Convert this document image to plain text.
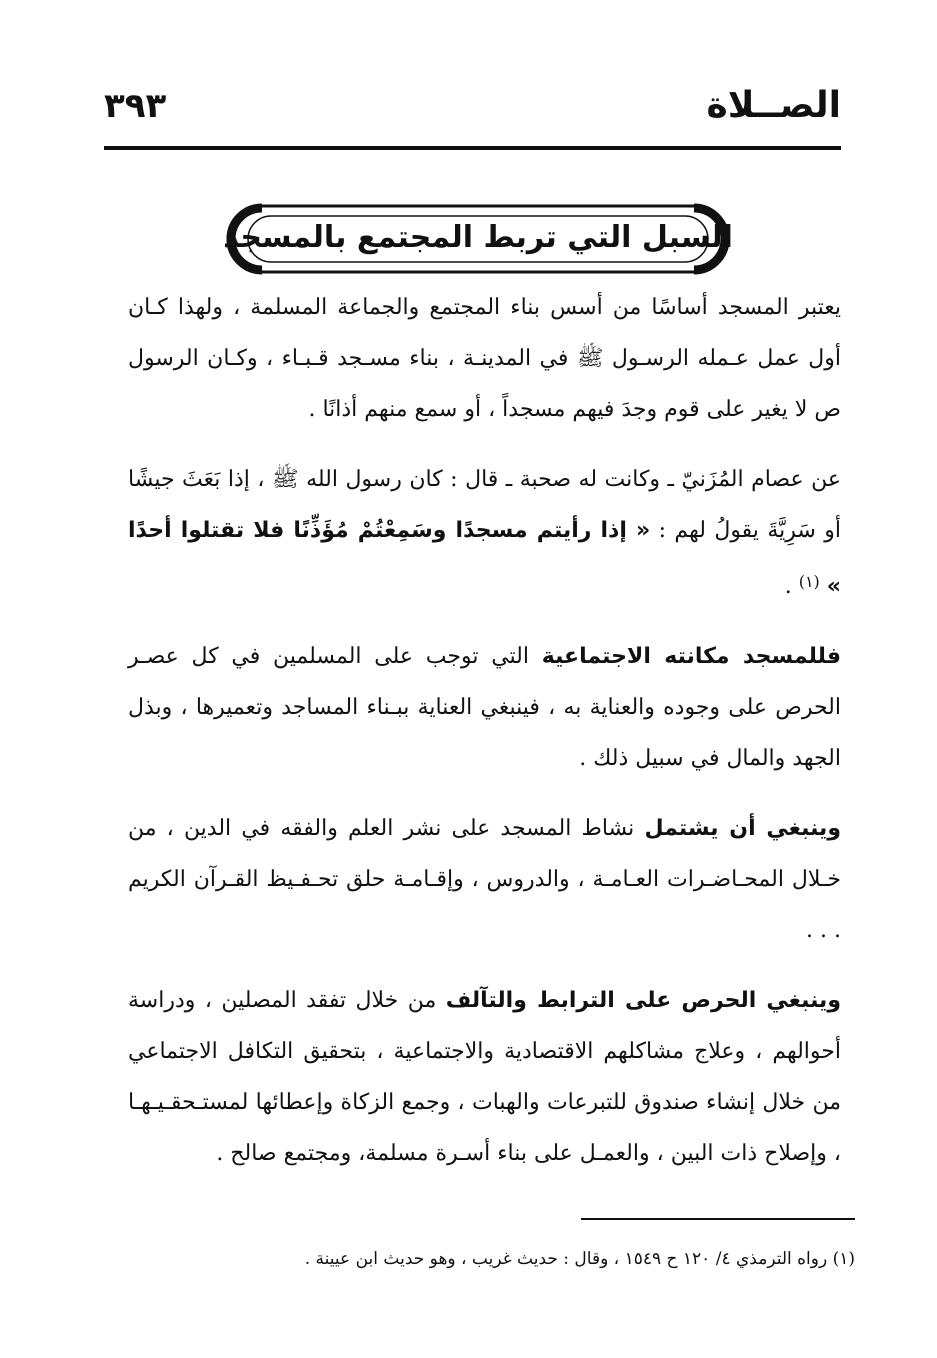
الصــلاة
٣٩٣
السبل التي تربط المجتمع بالمسجد

يعتبر المسجد أساسًا من أسس بناء المجتمع والجماعة المسلمة ، ولهذا كـان أول عمل عـمله الرسـول ﷺ في المدينـة ، بناء مسـجد قـبـاء ، وكـان الرسول ص لا يغير على قوم وجدَ فيهم مسجداً ، أو سمع منهم أذانًا .

عن عصام المُزَنيّ ـ وكانت له صحبة ـ قال : كان رسول الله ﷺ ، إذا بَعَثَ جيشًا أو سَرِيَّةَ يقولُ لهم : « إذا رأيتم مسجدًا وسَمِعْتُمْ مُؤَذِّنًا فلا تقتلوا أحدًا » $^{(١)}$ .

فللمسجد مكانته الاجتماعية التي توجب على المسلمين في كل عصـر الحرص على وجوده والعناية به ، فينبغي العناية ببـناء المساجد وتعميرها ، وبذل الجهد والمال في سبيل ذلك .

وينبغي أن يشتمل نشاط المسجد على نشر العلم والفقه في الدين ، من خـلال المحـاضـرات العـامـة ، والدروس ، وإقـامـة حلق تحـفـيظ القـرآن الكريم . . .

وينبغي الحرص على الترابط والتآلف من خلال تفقد المصلين ، ودراسة أحوالهم ، وعلاج مشاكلهم الاقتصادية والاجتماعية ، بتحقيق التكافل الاجتماعي من خلال إنشاء صندوق للتبرعات والهبات ، وجمع الزكاة وإعطائها لمستـحقـيـهـا ، وإصلاح ذات البين ، والعمـل على بناء أسـرة مسلمة، ومجتمع صالح .

(١) رواه الترمذي ٤/ ١٢٠ ح ١٥٤٩ ، وقال : حديث غريب ، وهو حديث ابن عيينة .
